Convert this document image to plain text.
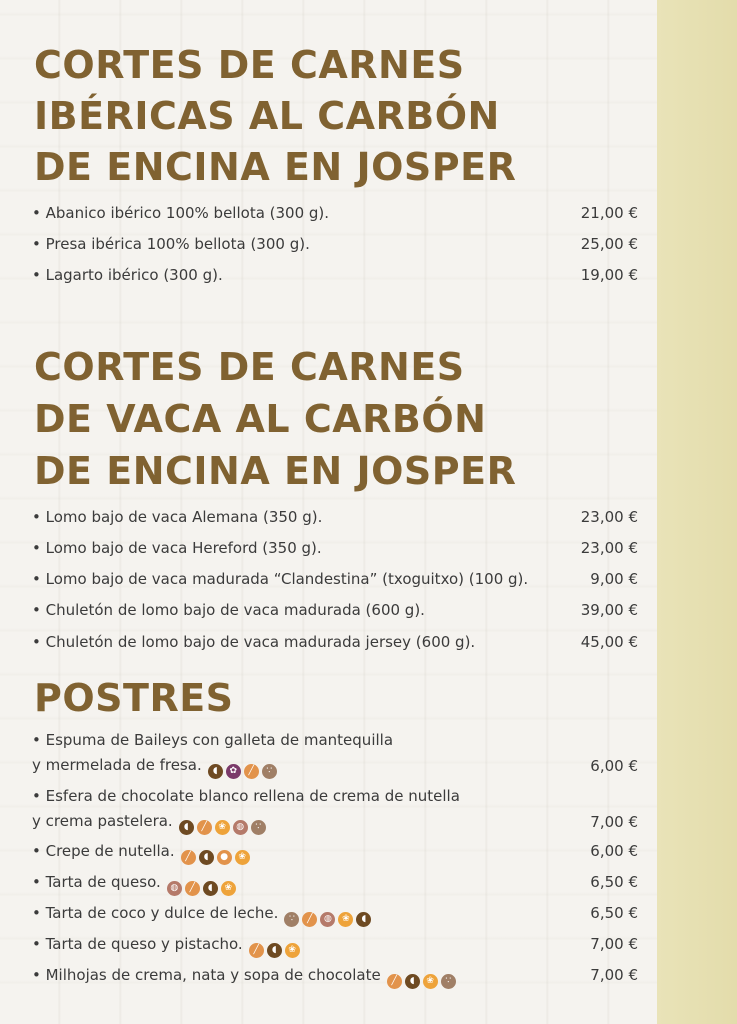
CORTES DE CARNES
IBÉRICAS AL CARBÓN
DE ENCINA EN JOSPER
• Abanico ibérico 100% bellota (300 g).	21,00 €
• Presa ibérica 100% bellota (300 g).	25,00 €
• Lagarto ibérico (300 g).	19,00 €
CORTES DE CARNES
DE VACA AL CARBÓN
DE ENCINA EN JOSPER
• Lomo bajo de vaca Alemana (350 g).	23,00 €
• Lomo bajo de vaca Hereford (350 g).	23,00 €
• Lomo bajo de vaca madurada “Clandestina” (txoguitxo) (100 g).	9,00 €
• Chuletón de lomo bajo de vaca madurada (600 g).	39,00 €
• Chuletón de lomo bajo de vaca madurada jersey (600 g).	45,00 €
POSTRES
• Espuma de Baileys con galleta de mantequilla
y mermelada de fresa.	◖	✿	╱	∵	6,00 €
• Esfera de chocolate blanco rellena de crema de nutella
y crema pastelera.	◖	╱	❀	◍	∵	7,00 €
• Crepe de nutella.	╱	◖	●	❀	6,00 €
• Tarta de queso.	◍	╱	◖	❀	6,50 €
• Tarta de coco y dulce de leche.	∵	╱	◍	❀	◖	6,50 €
• Tarta de queso y pistacho.	╱	◖	❀	7,00 €
• Milhojas de crema, nata y sopa de chocolate	╱	◖	❀	∵	7,00 €
